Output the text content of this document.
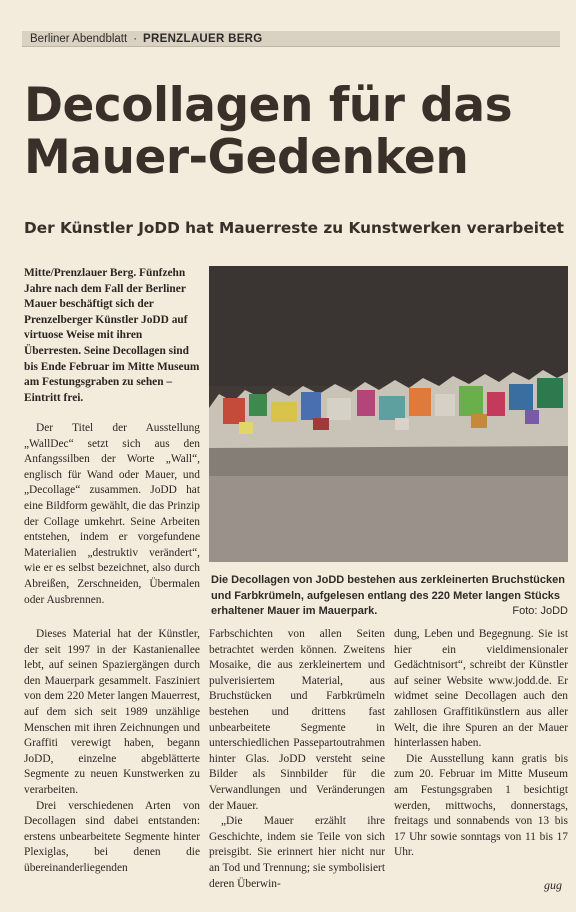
Berliner Abendblatt · PRENZLAUER BERG
Decollagen für das Mauer-Gedenken
Der Künstler JoDD hat Mauerreste zu Kunstwerken verarbeitet

Mitte/Prenzlauer Berg. Fünfzehn Jahre nach dem Fall der Berliner Mauer beschäftigt sich der Prenzelberger Künstler JoDD auf virtuose Weise mit ihren Überresten. Seine Decollagen sind bis Ende Februar im Mitte Museum am Festungsgraben zu sehen – Eintritt frei.

Die Decollagen von JoDD bestehen aus zerkleinerten Bruchstücken und Farbkrümeln, aufgelesen entlang des 220 Meter langen Stücks erhaltener Mauer im Mauerpark.	Foto: JoDD

Der Titel der Ausstellung „WallDec“ setzt sich aus den Anfangssilben der Worte „Wall“, englisch für Wand oder Mauer, und „Decollage“ zusammen. JoDD hat eine Bildform gewählt, die das Prinzip der Collage umkehrt. Seine Arbeiten entstehen, indem er vorgefundene Materialien „destruktiv verändert“, wie er es selbst bezeichnet, also durch Abreißen, Zerschneiden, Übermalen oder Ausbrennen.

Dieses Material hat der Künstler, der seit 1997 in der Kastanienallee lebt, auf seinen Spaziergängen durch den Mauerpark gesammelt. Fasziniert von dem 220 Meter langen Mauerrest, auf dem sich seit 1989 unzählige Menschen mit ihren Zeichnungen und Graffiti verewigt haben, begann JoDD, einzelne abgeblätterte Segmente zu neuen Kunstwerken zu verarbeiten.

Drei verschiedenen Arten von Decollagen sind dabei entstanden: erstens unbearbeitete Segmente hinter Plexiglas, bei denen die übereinanderliegenden

Farbschichten von allen Seiten betrachtet werden können. Zweitens Mosaike, die aus zerkleinertem und pulverisiertem Material, aus Bruchstücken und Farbkrümeln bestehen und drittens fast unbearbeitete Segmente in unterschiedlichen Passepartoutrahmen hinter Glas. JoDD versteht seine Bilder als Sinnbilder für die Verwandlungen und Veränderungen der Mauer.

„Die Mauer erzählt ihre Geschichte, indem sie Teile von sich preisgibt. Sie erinnert hier nicht nur an Tod und Trennung; sie symbolisiert deren Überwin-

dung, Leben und Begegnung. Sie ist hier ein vieldimensionaler Gedächtnisort“, schreibt der Künstler auf seiner Website www.jodd.de. Er widmet seine Decollagen auch den zahllosen Graffitikünstlern aus aller Welt, die ihre Spuren an der Mauer hinterlassen haben.

Die Ausstellung kann gratis bis zum 20. Februar im Mitte Museum am Festungsgraben 1 besichtigt werden, mittwochs, donnerstags, freitags und sonnabends von 13 bis 17 Uhr sowie sonntags von 11 bis 17 Uhr.

gug
